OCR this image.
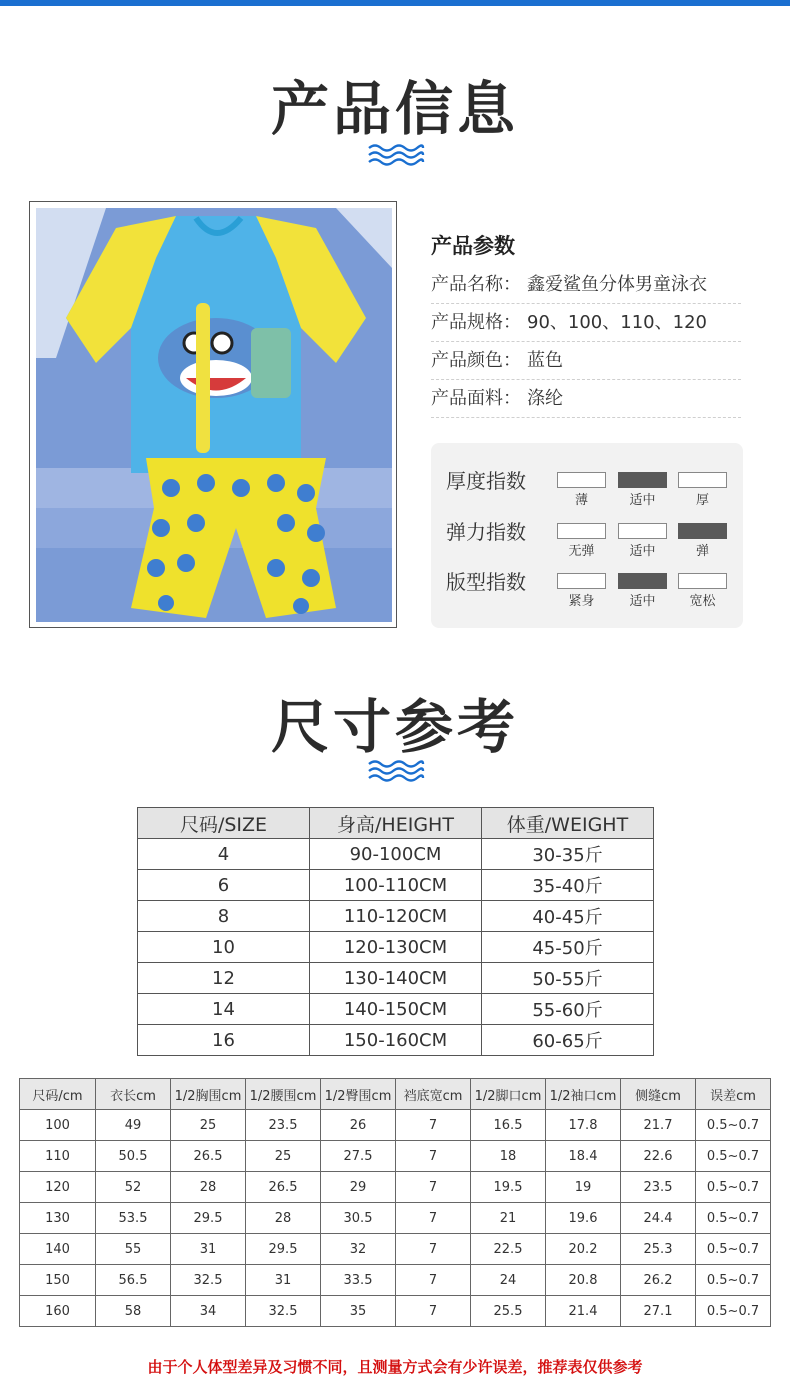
产品信息
产品参数
产品名称： 鑫爱鲨鱼分体男童泳衣
产品规格： 90、100、110、120
产品颜色： 蓝色
产品面料： 涤纶
厚度指数
薄	适中	厚
弹力指数
无弹	适中	弹
版型指数
紧身	适中	宽松
尺寸参考
尺码/SIZE	身高/HEIGHT	体重/WEIGHT
4	90-100CM	30-35斤
6	100-110CM	35-40斤
8	110-120CM	40-45斤
10	120-130CM	45-50斤
12	130-140CM	50-55斤
14	140-150CM	55-60斤
16	150-160CM	60-65斤
尺码/cm	衣长cm	1/2胸围cm	1/2腰围cm	1/2臀围cm	裆底宽cm	1/2脚口cm	1/2袖口cm	侧缝cm	误差cm
100	49	25	23.5	26	7	16.5	17.8	21.7	0.5~0.7
110	50.5	26.5	25	27.5	7	18	18.4	22.6	0.5~0.7
120	52	28	26.5	29	7	19.5	19	23.5	0.5~0.7
130	53.5	29.5	28	30.5	7	21	19.6	24.4	0.5~0.7
140	55	31	29.5	32	7	22.5	20.2	25.3	0.5~0.7
150	56.5	32.5	31	33.5	7	24	20.8	26.2	0.5~0.7
160	58	34	32.5	35	7	25.5	21.4	27.1	0.5~0.7
由于个人体型差异及习惯不同，且测量方式会有少许误差，推荐表仅供参考
